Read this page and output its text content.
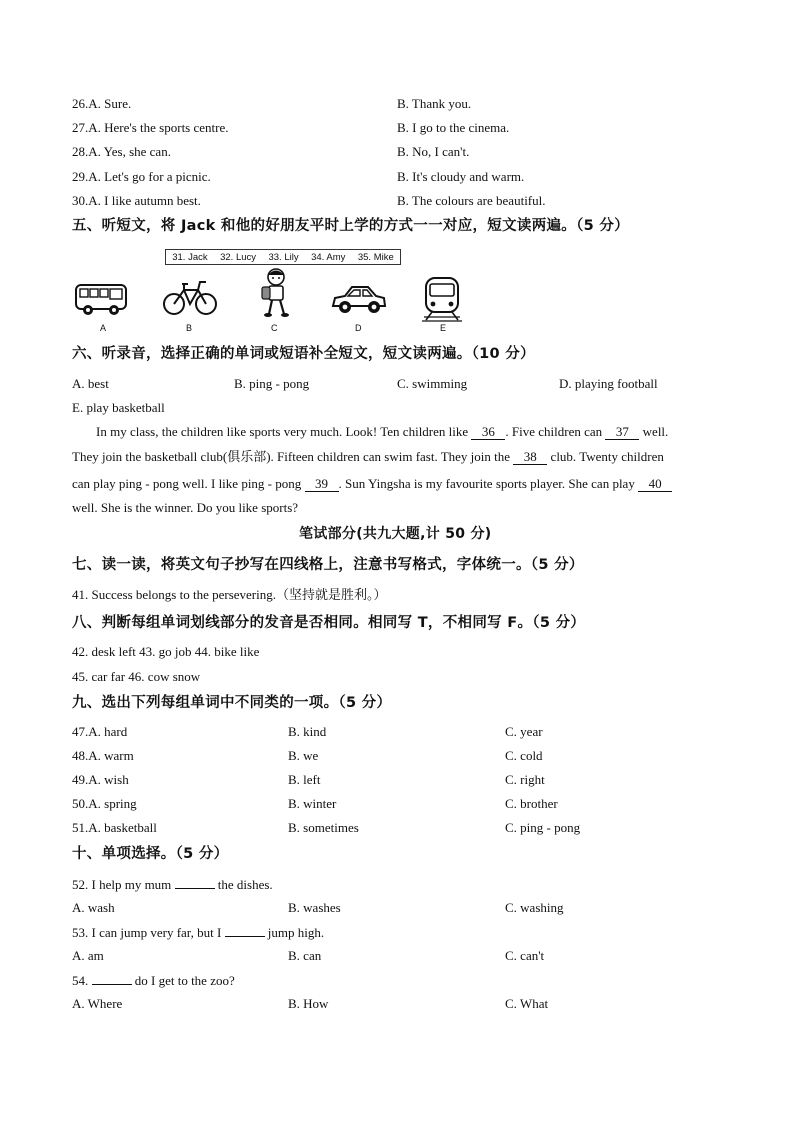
26.A. Sure.	B. Thank you.
27.A. Here's the sports centre.	B. I go to the cinema.
28.A. Yes, she can.	B. No, I can't.
29.A. Let's go for a picnic.	B. It's cloudy and warm.
30.A. I like autumn best.	B. The colours are beautiful.
五、听短文，将 Jack 和他的好朋友平时上学的方式一一对应，短文读两遍。（5 分）
31. Jack 32. Lucy 33. Lily 34. Amy 35. Mike
A	B	C	D	E
六、听录音，选择正确的单词或短语补全短文，短文读两遍。（10 分）
A. best	B. ping - pong	C. swimming	D. playing football
E. play basketball
In my class, the children like sports very much. Look! Ten children like 36 . Five children can 37 well.
They join the basketball club(俱乐部). Fifteen children can swim fast. They join the 38 club. Twenty children
can play ping - pong well. I like ping - pong 39 . Sun Yingsha is my favourite sports player. She can play 40
well. She is the winner. Do you like sports?
笔试部分(共九大题,计 50 分)
七、读一读，将英文句子抄写在四线格上，注意书写格式，字体统一。（5 分）
41. Success belongs to the persevering.（坚持就是胜利。）
八、判断每组单词划线部分的发音是否相同。相同写 T，不相同写 F。（5 分）
42. desk left 43. go job 44. bike like
45. car far 46. cow snow
九、选出下列每组单词中不同类的一项。（5 分）
47.A. hard	B. kind	C. year
48.A. warm	B. we	C. cold
49.A. wish	B. left	C. right
50.A. spring	B. winter	C. brother
51.A. basketball	B. sometimes	C. ping - pong
十、单项选择。（5 分）
52. I help my mum	the dishes.
A. wash	B. washes	C. washing
53. I can jump very far, but I	jump high.
A. am	B. can	C. can't
54.	do I get to the zoo?
A. Where	B. How	C. What
